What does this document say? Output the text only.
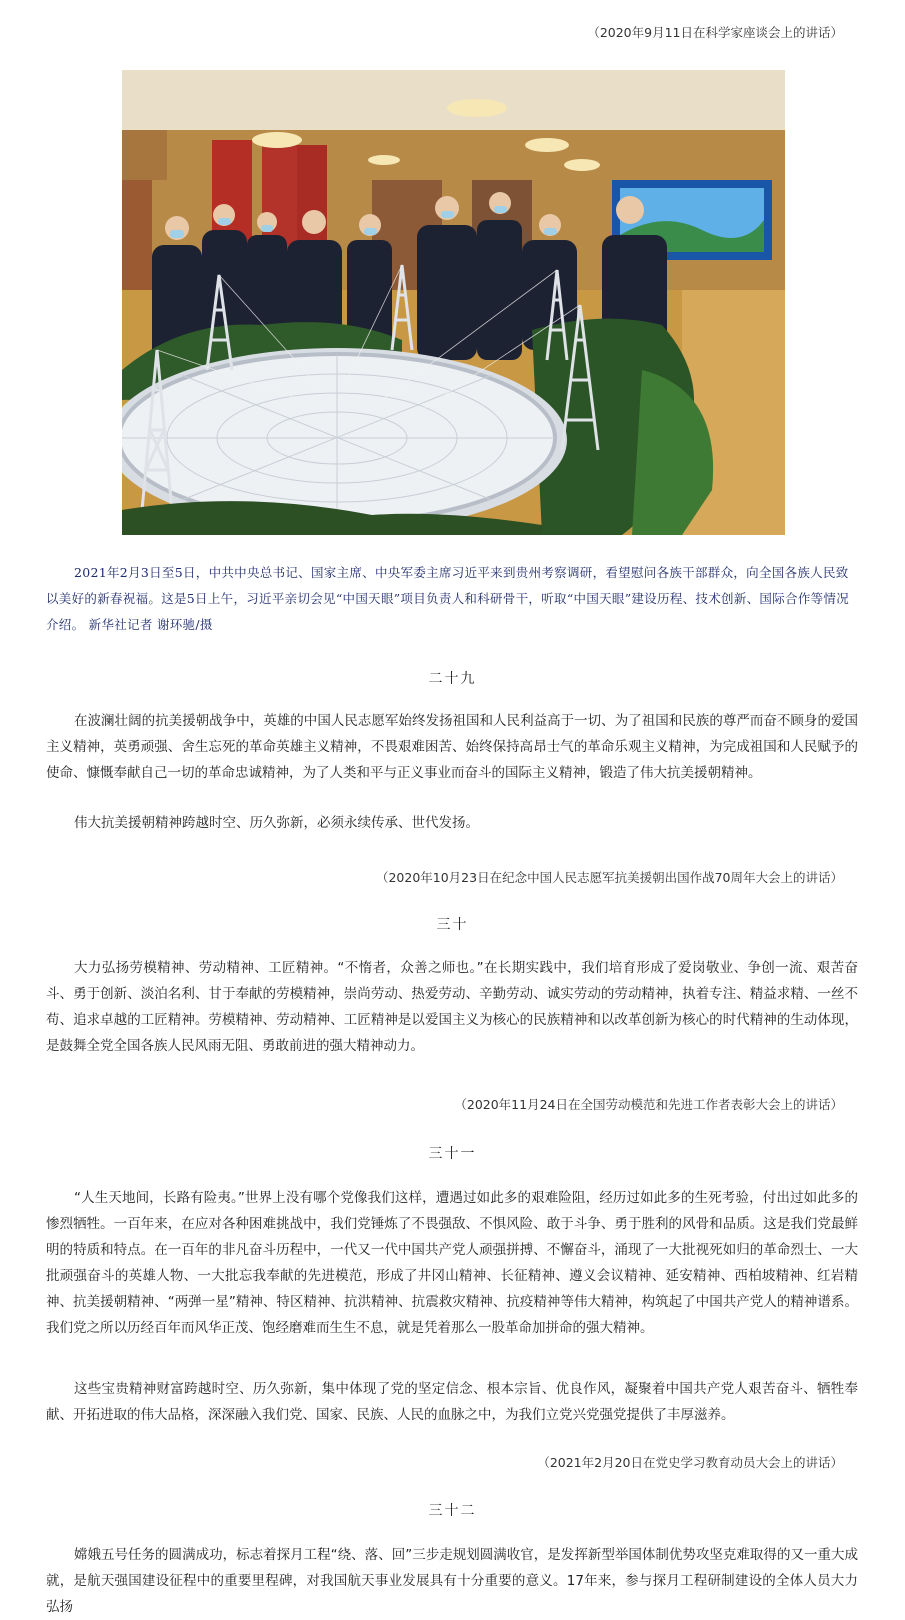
（2020年9月11日在科学家座谈会上的讲话）
2021年2月3日至5日，中共中央总书记、国家主席、中央军委主席习近平来到贵州考察调研，看望慰问各族干部群众，向全国各族人民致以美好的新春祝福。这是5日上午，习近平亲切会见“中国天眼”项目负责人和科研骨干，听取“中国天眼”建设历程、技术创新、国际合作等情况介绍。 新华社记者 谢环驰/摄
二十九
在波澜壮阔的抗美援朝战争中，英雄的中国人民志愿军始终发扬祖国和人民利益高于一切、为了祖国和民族的尊严而奋不顾身的爱国主义精神，英勇顽强、舍生忘死的革命英雄主义精神，不畏艰难困苦、始终保持高昂士气的革命乐观主义精神，为完成祖国和人民赋予的使命、慷慨奉献自己一切的革命忠诚精神，为了人类和平与正义事业而奋斗的国际主义精神，锻造了伟大抗美援朝精神。
伟大抗美援朝精神跨越时空、历久弥新，必须永续传承、世代发扬。
（2020年10月23日在纪念中国人民志愿军抗美援朝出国作战70周年大会上的讲话）
三十
大力弘扬劳模精神、劳动精神、工匠精神。“不惰者，众善之师也。”在长期实践中，我们培育形成了爱岗敬业、争创一流、艰苦奋斗、勇于创新、淡泊名利、甘于奉献的劳模精神，崇尚劳动、热爱劳动、辛勤劳动、诚实劳动的劳动精神，执着专注、精益求精、一丝不苟、追求卓越的工匠精神。劳模精神、劳动精神、工匠精神是以爱国主义为核心的民族精神和以改革创新为核心的时代精神的生动体现，是鼓舞全党全国各族人民风雨无阻、勇敢前进的强大精神动力。
（2020年11月24日在全国劳动模范和先进工作者表彰大会上的讲话）
三十一
“人生天地间，长路有险夷。”世界上没有哪个党像我们这样，遭遇过如此多的艰难险阻，经历过如此多的生死考验，付出过如此多的惨烈牺牲。一百年来，在应对各种困难挑战中，我们党锤炼了不畏强敌、不惧风险、敢于斗争、勇于胜利的风骨和品质。这是我们党最鲜明的特质和特点。在一百年的非凡奋斗历程中，一代又一代中国共产党人顽强拼搏、不懈奋斗，涌现了一大批视死如归的革命烈士、一大批顽强奋斗的英雄人物、一大批忘我奉献的先进模范，形成了井冈山精神、长征精神、遵义会议精神、延安精神、西柏坡精神、红岩精神、抗美援朝精神、“两弹一星”精神、特区精神、抗洪精神、抗震救灾精神、抗疫精神等伟大精神，构筑起了中国共产党人的精神谱系。我们党之所以历经百年而风华正茂、饱经磨难而生生不息，就是凭着那么一股革命加拼命的强大精神。
这些宝贵精神财富跨越时空、历久弥新，集中体现了党的坚定信念、根本宗旨、优良作风，凝聚着中国共产党人艰苦奋斗、牺牲奉献、开拓进取的伟大品格，深深融入我们党、国家、民族、人民的血脉之中，为我们立党兴党强党提供了丰厚滋养。
（2021年2月20日在党史学习教育动员大会上的讲话）
三十二
嫦娥五号任务的圆满成功，标志着探月工程“绕、落、回”三步走规划圆满收官，是发挥新型举国体制优势攻坚克难取得的又一重大成就，是航天强国建设征程中的重要里程碑，对我国航天事业发展具有十分重要的意义。17年来，参与探月工程研制建设的全体人员大力弘扬
